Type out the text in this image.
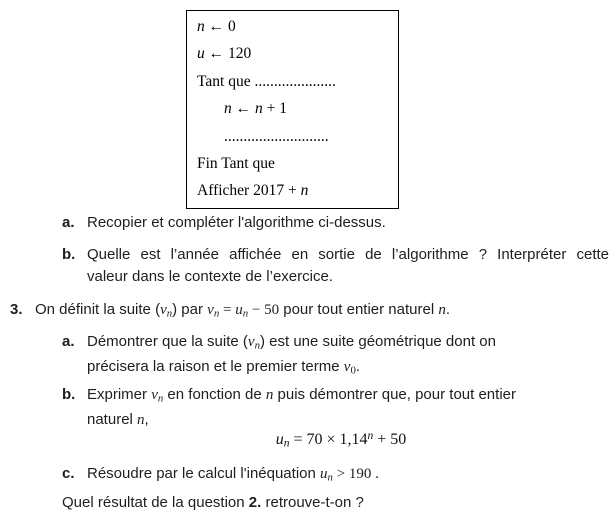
n ← 0
u ← 120
Tant que .....................
n ← n + 1
...........................
Fin Tant que
Afficher 2017 + n
a. Recopier et compléter l'algorithme ci-dessus.
b. Quelle est l’année affichée en sortie de l’algorithme ? Interpréter cette
valeur dans le contexte de l’exercice.
3. On définit la suite $(v_n)$ par $v_n = u_n - 50$ pour tout entier naturel n.
a. Démontrer que la suite $(v_n)$ est une suite géométrique dont on
précisera la raison et le premier terme $v_0$.
b. Exprimer $v_n$ en fonction de n puis démontrer que, pour tout entier
naturel n,
$u_n = 70 \times 1,14^n + 50$
c. Résoudre par le calcul l'inéquation $u_n > 190$ .
Quel résultat de la question 2. retrouve-t-on ?
